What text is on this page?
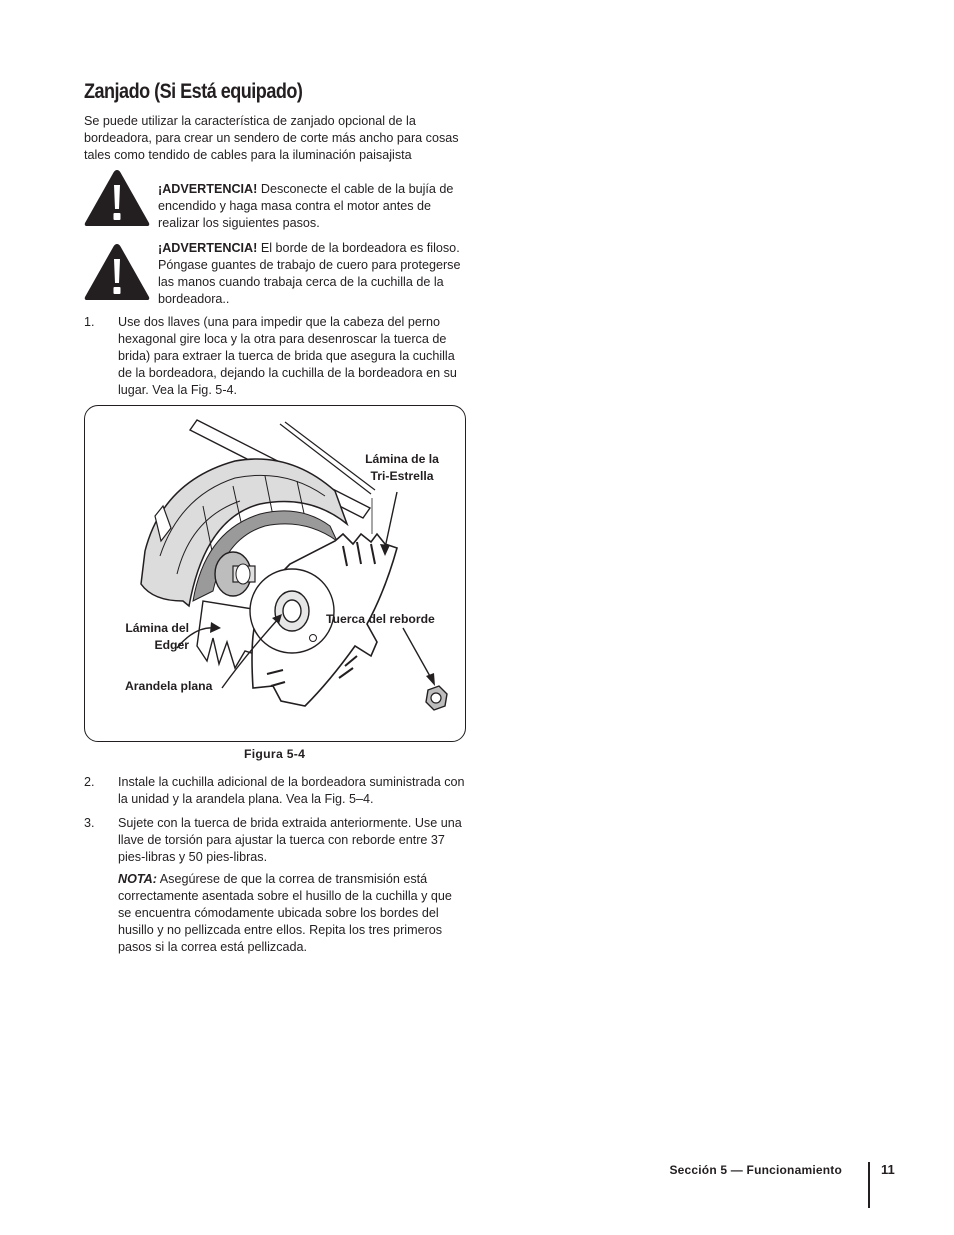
Zanjado (Si Está equipado)
Se puede utilizar la característica de zanjado opcional de la bordeadora, para crear un sendero de corte más ancho para cosas tales como tendido de cables para la iluminación paisajista
¡ADVERTENCIA! Desconecte el cable de la bujía de encendido y haga masa contra el motor antes de realizar los siguientes pasos.
¡ADVERTENCIA! El borde de la bordeadora es filoso. Póngase guantes de trabajo de cuero para protegerse las manos cuando trabaja cerca de la cuchilla de la bordeadora..
1. Use dos llaves (una para impedir que la cabeza del perno hexagonal gire loca y la otra para desenroscar la tuerca de brida) para extraer la tuerca de brida que asegura la cuchilla de la bordeadora, dejando la cuchilla de la bordeadora en su lugar. Vea la Fig. 5-4.
Lámina de la
Tri-Estrella
Tuerca del reborde
Lámina del
Edger
Arandela plana
Figura 5-4
2. Instale la cuchilla adicional de la bordeadora suministrada con la unidad y la arandela plana. Vea la Fig. 5–4.
3. Sujete con la tuerca de brida extraida anteriormente. Use una llave de torsión para ajustar la tuerca con reborde entre 37 pies-libras y 50 pies-libras.
NOTA: Asegúrese de que la correa de transmisión está correctamente asentada sobre el husillo de la cuchilla y que se encuentra cómodamente ubicada sobre los bordes del husillo y no pellizcada entre ellos. Repita los tres primeros pasos si la correa está pellizcada.
Sección 5 — Funcionamiento	11
